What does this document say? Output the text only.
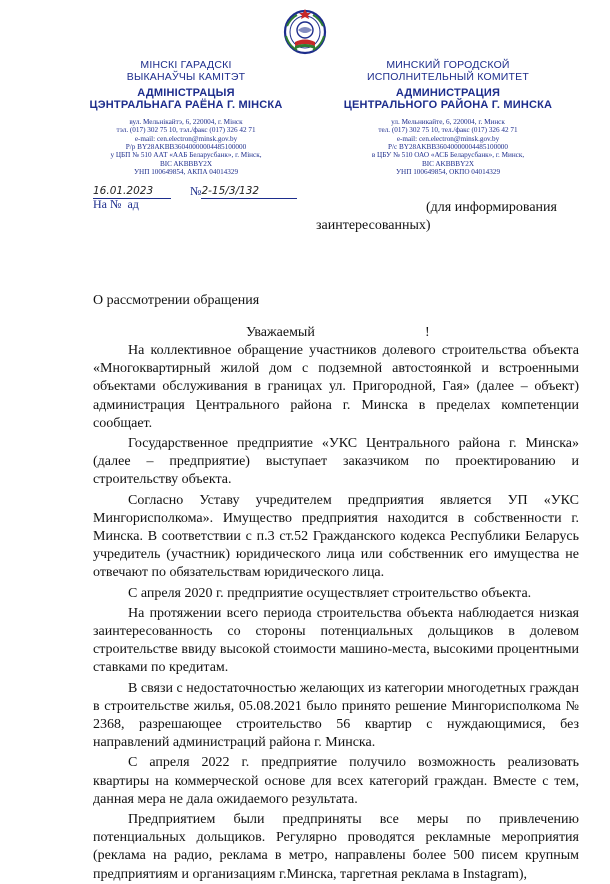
МІНСКІ ГАРАДСКІ
ВЫКАНАЎЧЫ КАМІТЭТ
АДМІНІСТРАЦЫЯ
ЦЭНТРАЛЬНАГА РАЁНА Г. МІНСКА
вул. Мельнікайтэ, 6, 220004, г. Мінск
тэл. (017) 302 75 10, тэл./факс (017) 326 42 71
e-mail: cen.electron@minsk.gov.by
Р/р BY28AKBB36040000004485100000
у ЦБП № 510 ААТ «ААБ Беларусбанк», г. Мінск,
BIC AKBBBY2X
УНП 100649854, АКПА 04014329
МИНСКИЙ ГОРОДСКОЙ
ИСПОЛНИТЕЛЬНЫЙ КОМИТЕТ
АДМИНИСТРАЦИЯ
ЦЕНТРАЛЬНОГО РАЙОНА Г. МИНСКА
ул. Мельникайте, 6, 220004, г. Минск
тел. (017) 302 75 10, тел./факс (017) 326 42 71
e-mail: cen.electron@minsk.gov.by
Р/с BY28AKBB36040000004485100000
в ЦБУ № 510 ОАО «АСБ Беларусбанк», г. Минск,
BIC AKBBBY2X
УНП 100649854, ОКПО 04014329
16.01.2023	№2-15/3/132
На № ад	(для информирования
заинтересованных)
О рассмотрении обращения
Уважаемый	!

На коллективное обращение участников долевого строительства объекта «Многоквартирный жилой дом с подземной автостоянкой и встроенными объектами обслуживания в границах ул. Пригородной, Гая» (далее – объект) администрация Центрального района г. Минска в пределах компетенции сообщает.

Государственное предприятие «УКС Центрального района г. Минска» (далее – предприятие) выступает заказчиком по проектированию и строительству объекта.

Согласно Уставу учредителем предприятия является УП «УКС Мингорисполкома». Имущество предприятия находится в собственности г. Минска. В соответствии с п.3 ст.52 Гражданского кодекса Республики Беларусь учредитель (участник) юридического лица или собственник его имущества не отвечают по обязательствам юридического лица.

С апреля 2020 г. предприятие осуществляет строительство объекта.

На протяжении всего периода строительства объекта наблюдается низкая заинтересованность со стороны потенциальных дольщиков в долевом строительстве ввиду высокой стоимости машино-места, высокими процентными ставками по кредитам.

В связи с недостаточностью желающих из категории многодетных граждан в строительстве жилья, 05.08.2021 было принято решение Мингорисполкома № 2368, разрешающее строительство 56 квартир с нуждающимися, без направлений администраций района г. Минска.

С апреля 2022 г. предприятие получило возможность реализовать квартиры на коммерческой основе для всех категорий граждан. Вместе с тем, данная мера не дала ожидаемого результата.

Предприятием были предприняты все меры по привлечению потенциальных дольщиков. Регулярно проводятся рекламные мероприятия (реклама на радио, реклама в метро, направлены более 500 писем крупным предприятиям и организациям г.Минска, таргетная реклама в Instagram),
